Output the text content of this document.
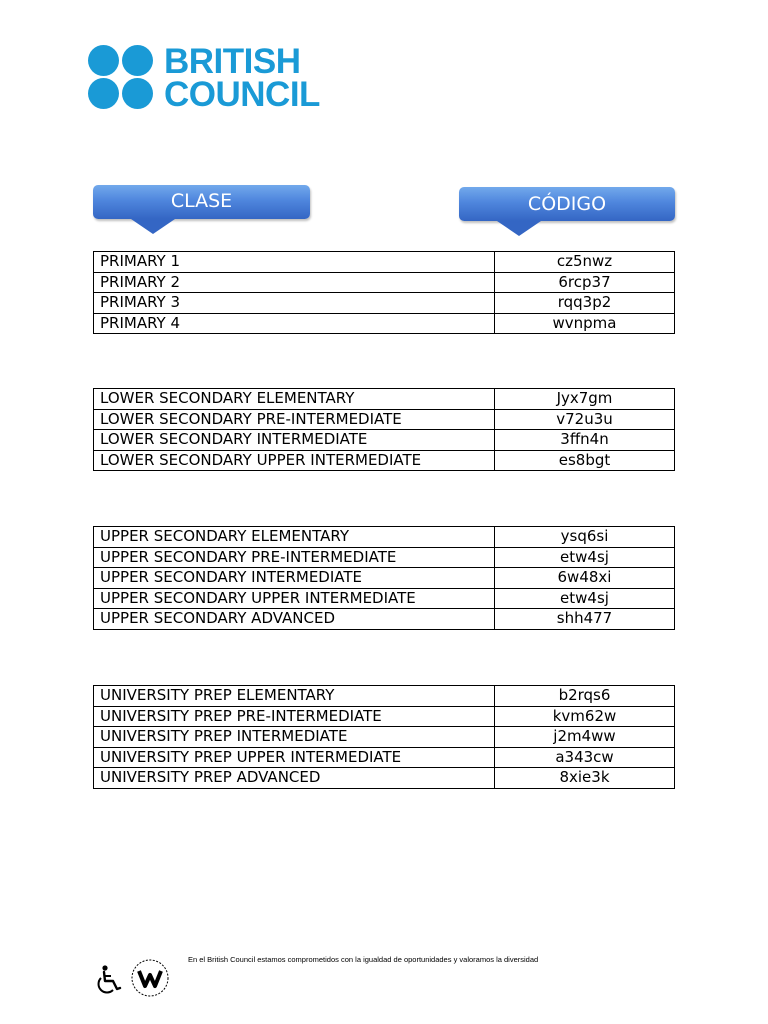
BRITISH
COUNCIL
CLASE	CÓDIGO
PRIMARY 1	cz5nwz
PRIMARY 2	6rcp37
PRIMARY 3	rqq3p2
PRIMARY 4	wvnpma
LOWER SECONDARY ELEMENTARY	Jyx7gm
LOWER SECONDARY PRE-INTERMEDIATE	v72u3u
LOWER SECONDARY INTERMEDIATE	3ffn4n
LOWER SECONDARY UPPER INTERMEDIATE	es8bgt
UPPER SECONDARY ELEMENTARY	ysq6si
UPPER SECONDARY PRE-INTERMEDIATE	etw4sj
UPPER SECONDARY INTERMEDIATE	6w48xi
UPPER SECONDARY UPPER INTERMEDIATE	etw4sj
UPPER SECONDARY ADVANCED	shh477
UNIVERSITY PREP ELEMENTARY	b2rqs6
UNIVERSITY PREP PRE-INTERMEDIATE	kvm62w
UNIVERSITY PREP INTERMEDIATE	j2m4ww
UNIVERSITY PREP UPPER INTERMEDIATE	a343cw
UNIVERSITY PREP ADVANCED	8xie3k
En el British Council estamos comprometidos con la igualdad de oportunidades y valoramos la diversidad
